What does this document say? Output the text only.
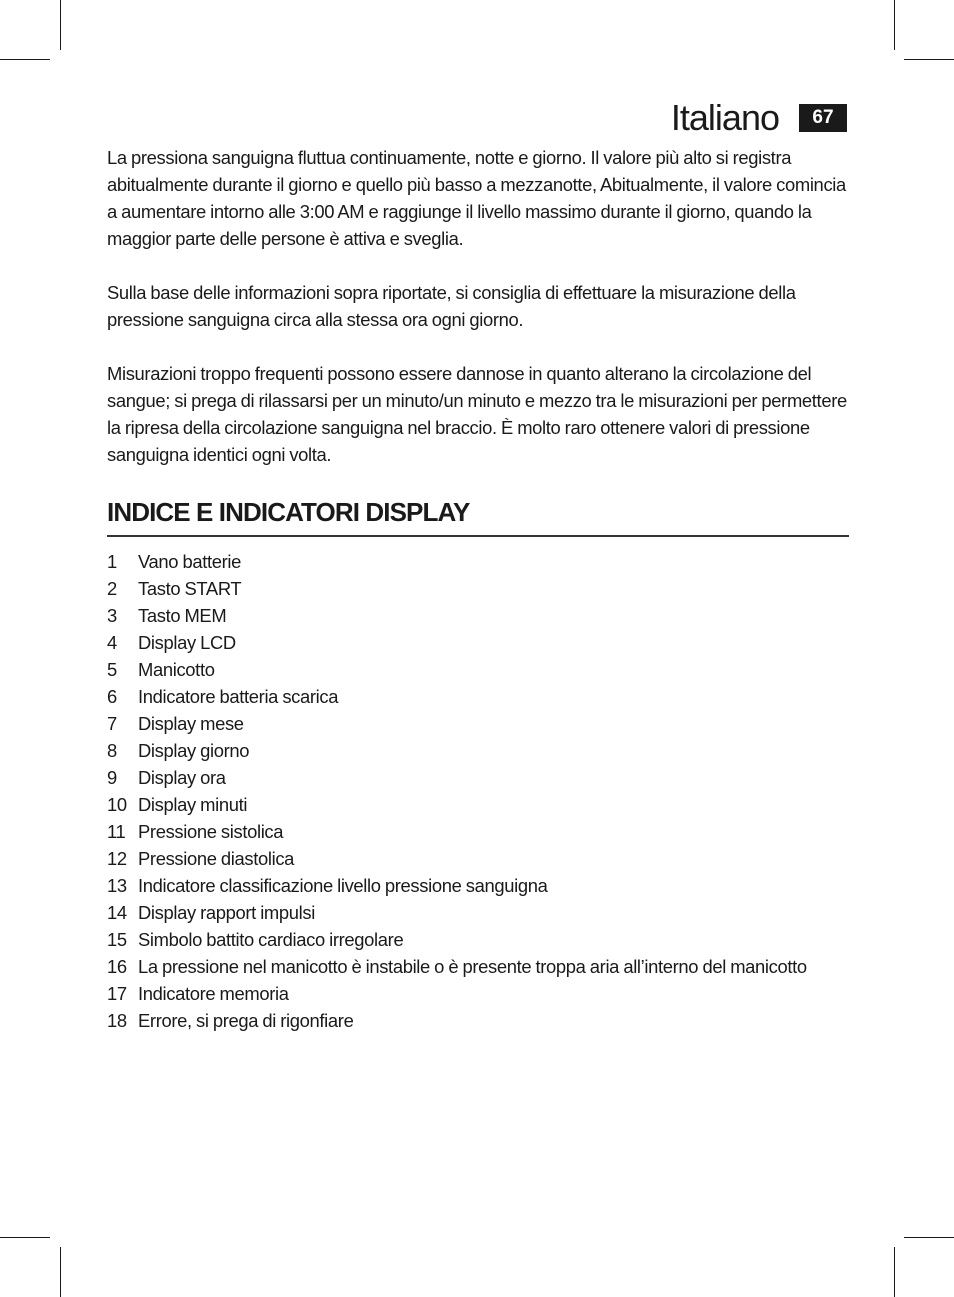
Italiano	67

La pressiona sanguigna fluttua continuamente, notte e giorno. Il valore più alto si registra abitualmente durante il giorno e quello più basso a mezzanotte, Abitualmente, il valore comincia a aumentare intorno alle 3:00 AM e raggiunge il livello massimo durante il giorno, quando la maggior parte delle persone è attiva e sveglia.

Sulla base delle informazioni sopra riportate, si consiglia di effettuare la misurazione della pressione sanguigna circa alla stessa ora ogni giorno.

Misurazioni troppo frequenti possono essere dannose in quanto alterano la circolazione del sangue; si prega di rilassarsi per un minuto/un minuto e mezzo tra le misurazioni per permettere la ripresa della circolazione sanguigna nel braccio. È molto raro ottenere valori di pressione sanguigna identici ogni volta.

INDICE E INDICATORI DISPLAY
1	Vano batterie
2	Tasto START
3	Tasto MEM
4	Display LCD
5	Manicotto
6	Indicatore batteria scarica
7	Display mese
8	Display giorno
9	Display ora
10 Display minuti
11 Pressione sistolica
12 Pressione diastolica
13 Indicatore classificazione livello pressione sanguigna
14 Display rapport impulsi
15 Simbolo battito cardiaco irregolare
16 La pressione nel manicotto è instabile o è presente troppa aria all’interno del manicotto
17 Indicatore memoria
18 Errore, si prega di rigonfiare
